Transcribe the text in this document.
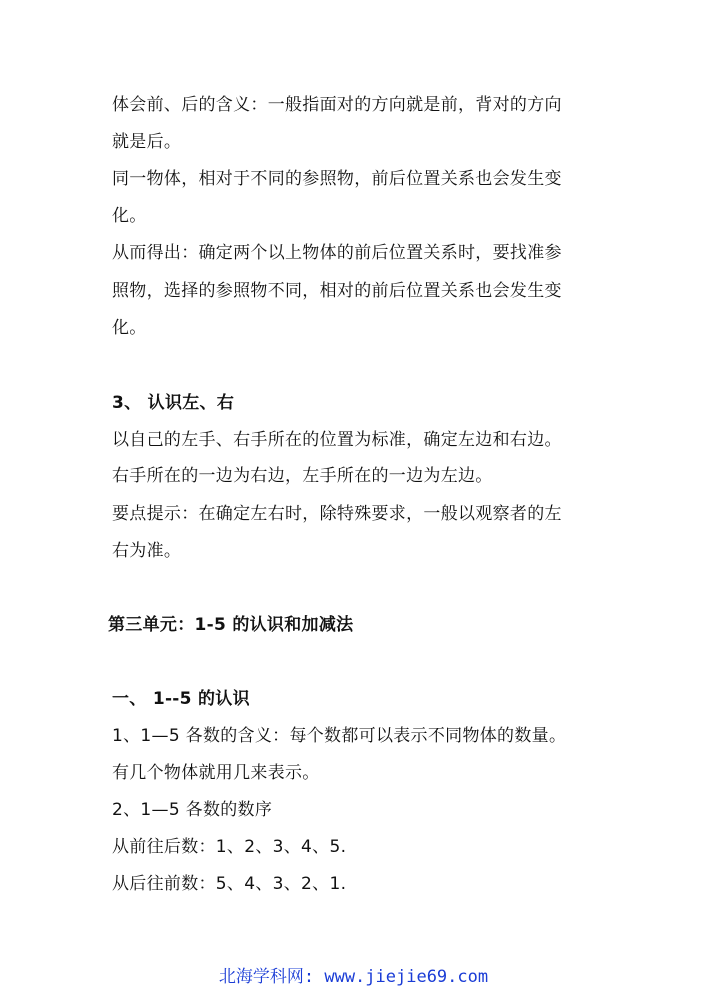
体会前、后的含义：一般指面对的方向就是前，背对的方向
就是后。
同一物体，相对于不同的参照物，前后位置关系也会发生变
化。
从而得出：确定两个以上物体的前后位置关系时，要找准参
照物，选择的参照物不同，相对的前后位置关系也会发生变
化。
3、 认识左、右
以自己的左手、右手所在的位置为标准，确定左边和右边。
右手所在的一边为右边，左手所在的一边为左边。
要点提示：在确定左右时，除特殊要求，一般以观察者的左
右为准。
第三单元：1-5 的认识和加减法
一、 1--5 的认识
1、1—5 各数的含义：每个数都可以表示不同物体的数量。
有几个物体就用几来表示。
2、1—5 各数的数序
从前往后数：1、2、3、4、5.
从后往前数：5、4、3、2、1.
北海学科网: www.jiejie69.com
